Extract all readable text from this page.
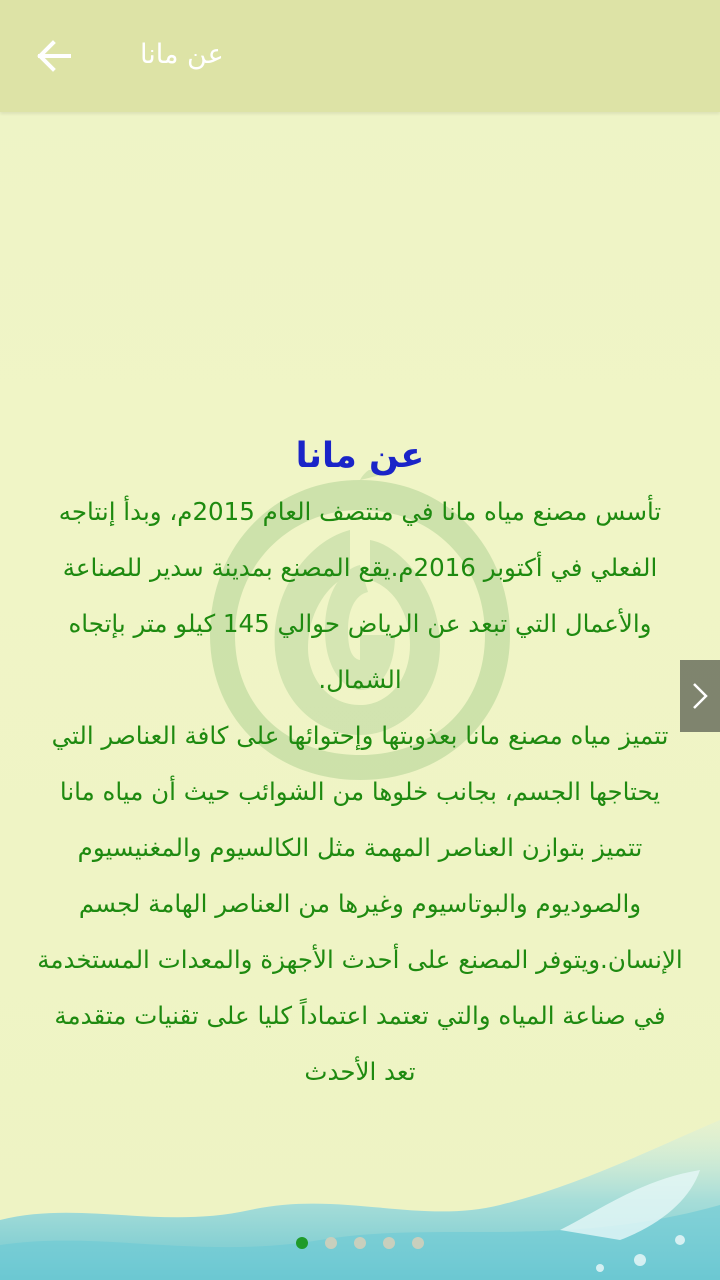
عن مانا

عن مانا

تأسس مصنع مياه مانا في منتصف العام 2015م، وبدأ إنتاجه الفعلي في أكتوبر 2016م.يقع المصنع بمدينة سدير للصناعة والأعمال التي تبعد عن الرياض حوالي 145 كيلو متر بإتجاه الشمال.

تتميز مياه مصنع مانا بعذوبتها وإحتوائها على كافة العناصر التي يحتاجها الجسم، بجانب خلوها من الشوائب حيث أن مياه مانا تتميز بتوازن العناصر المهمة مثل الكالسيوم والمغنيسيوم والصوديوم والبوتاسيوم وغيرها من العناصر الهامة لجسم الإنسان.ويتوفر المصنع على أحدث الأجهزة والمعدات المستخدمة في صناعة المياه والتي تعتمد اعتماداً كليا على تقنيات متقدمة تعد الأحدث
